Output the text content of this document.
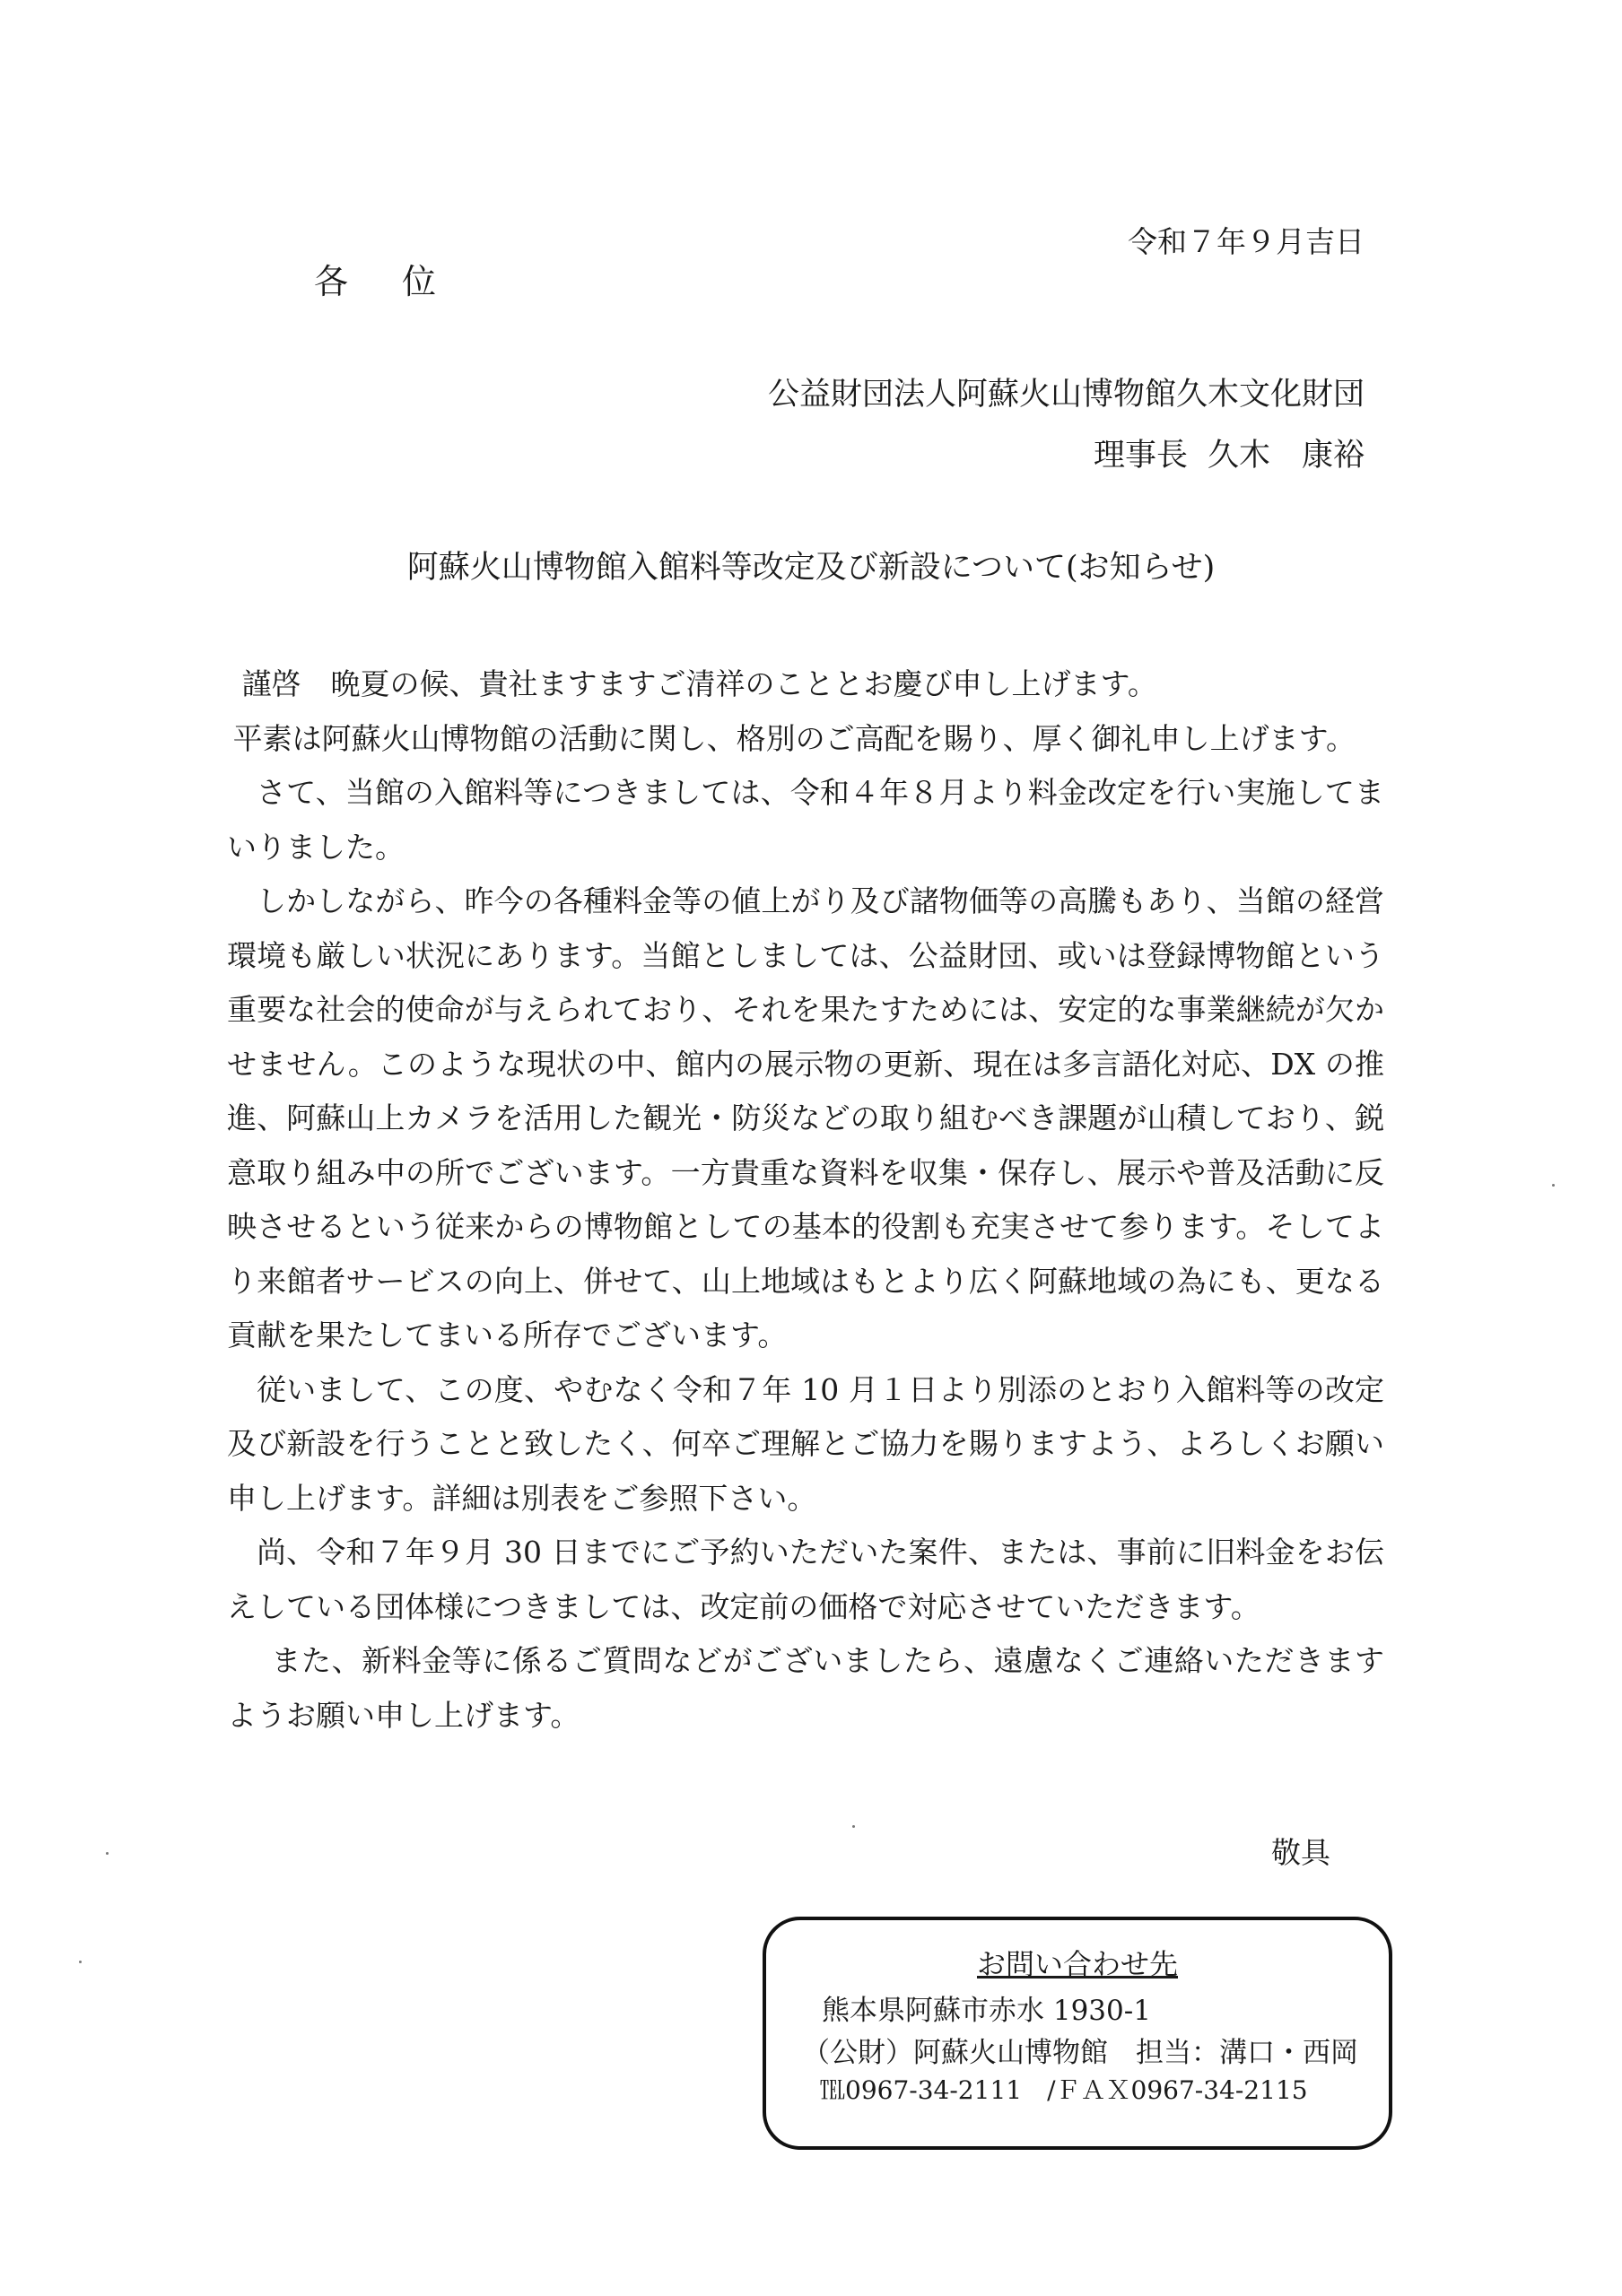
令和７年９月吉日
各位
公益財団法人阿蘇火山博物館久木文化財団
理事長 久木　康裕
阿蘇火山博物館入館料等改定及び新設について(お知らせ)

謹啓　晩夏の候、貴社ますますご清祥のこととお慶び申し上げます。

平素は阿蘇火山博物館の活動に関し、格別のご高配を賜り、厚く御礼申し上げます。

さて、当館の入館料等につきましては、令和４年８月より料金改定を行い実施してまいりました。

しかしながら、昨今の各種料金等の値上がり及び諸物価等の高騰もあり、当館の経営環境も厳しい状況にあります。当館としましては、公益財団、或いは登録博物館という重要な社会的使命が与えられており、それを果たすためには、安定的な事業継続が欠かせません。このような現状の中、館内の展示物の更新、現在は多言語化対応、DX の推進、阿蘇山上カメラを活用した観光・防災などの取り組むべき課題が山積しており、鋭意取り組み中の所でございます。一方貴重な資料を収集・保存し、展示や普及活動に反映させるという従来からの博物館としての基本的役割も充実させて参ります。そしてより来館者サービスの向上、併せて、山上地域はもとより広く阿蘇地域の為にも、更なる貢献を果たしてまいる所存でございます。

従いまして、この度、やむなく令和７年 10 月１日より別添のとおり入館料等の改定及び新設を行うことと致したく、何卒ご理解とご協力を賜りますよう、よろしくお願い申し上げます。詳細は別表をご参照下さい。

尚、令和７年９月 30 日までにご予約いただいた案件、または、事前に旧料金をお伝えしている団体様につきましては、改定前の価格で対応させていただきます。

また、新料金等に係るご質問などがございましたら、遠慮なくご連絡いただきますようお願い申し上げます。

敬具
お問い合わせ先
熊本県阿蘇市赤水 1930-1
（公財）阿蘇火山博物館　担当：溝口・西岡
℡0967-34-2111　/ＦＡＸ0967-34-2115
